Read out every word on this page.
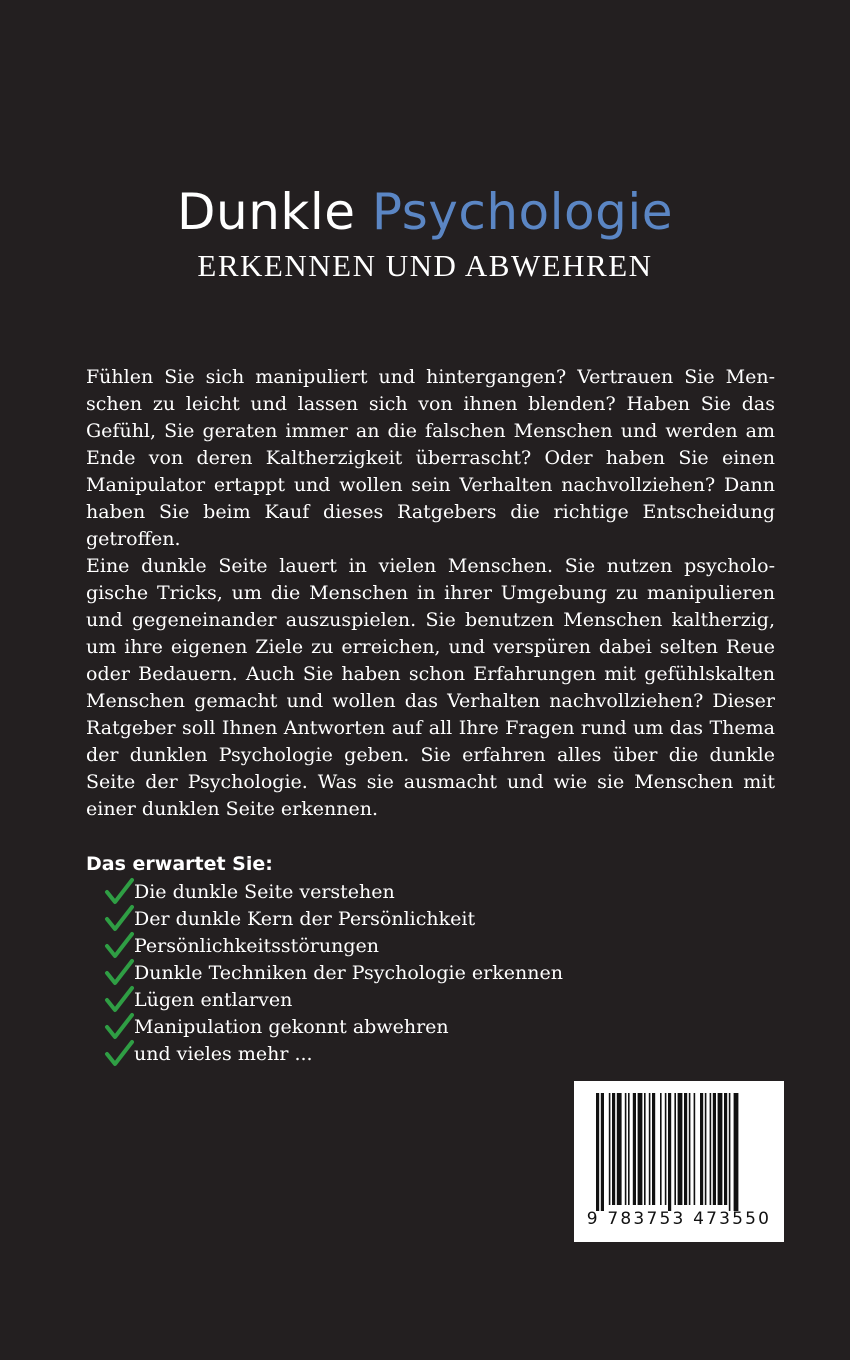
Dunkle Psychologie
ERKENNEN UND ABWEHREN

Fühlen Sie sich manipuliert und hintergangen? Vertrauen Sie Menschen zu leicht und lassen sich von ihnen blenden? Haben Sie das Gefühl, Sie geraten immer an die falschen Menschen und werden am Ende von deren Kaltherzigkeit überrascht? Oder haben Sie einen Manipulator ertappt und wollen sein Verhalten nachvollziehen? Dann haben Sie beim Kauf dieses Ratgebers die richtige Entscheidung getroffen.

Eine dunkle Seite lauert in vielen Menschen. Sie nutzen psychologische Tricks, um die Menschen in ihrer Umgebung zu manipulieren und gegeneinander auszuspielen. Sie benutzen Menschen kaltherzig, um ihre eigenen Ziele zu erreichen, und verspüren dabei selten Reue oder Bedauern. Auch Sie haben schon Erfahrungen mit gefühlskalten Menschen gemacht und wollen das Verhalten nachvollziehen? Dieser Ratgeber soll Ihnen Antworten auf all Ihre Fragen rund um das Thema der dunklen Psychologie geben. Sie erfahren alles über die dunkle Seite der Psychologie. Was sie ausmacht und wie sie Menschen mit einer dunklen Seite erkennen.

Das erwartet Sie:
Die dunkle Seite verstehen
Der dunkle Kern der Persönlichkeit
Persönlichkeitsstörungen
Dunkle Techniken der Psychologie erkennen
Lügen entlarven
Manipulation gekonnt abwehren
und vieles mehr ...
9 783753 473550
